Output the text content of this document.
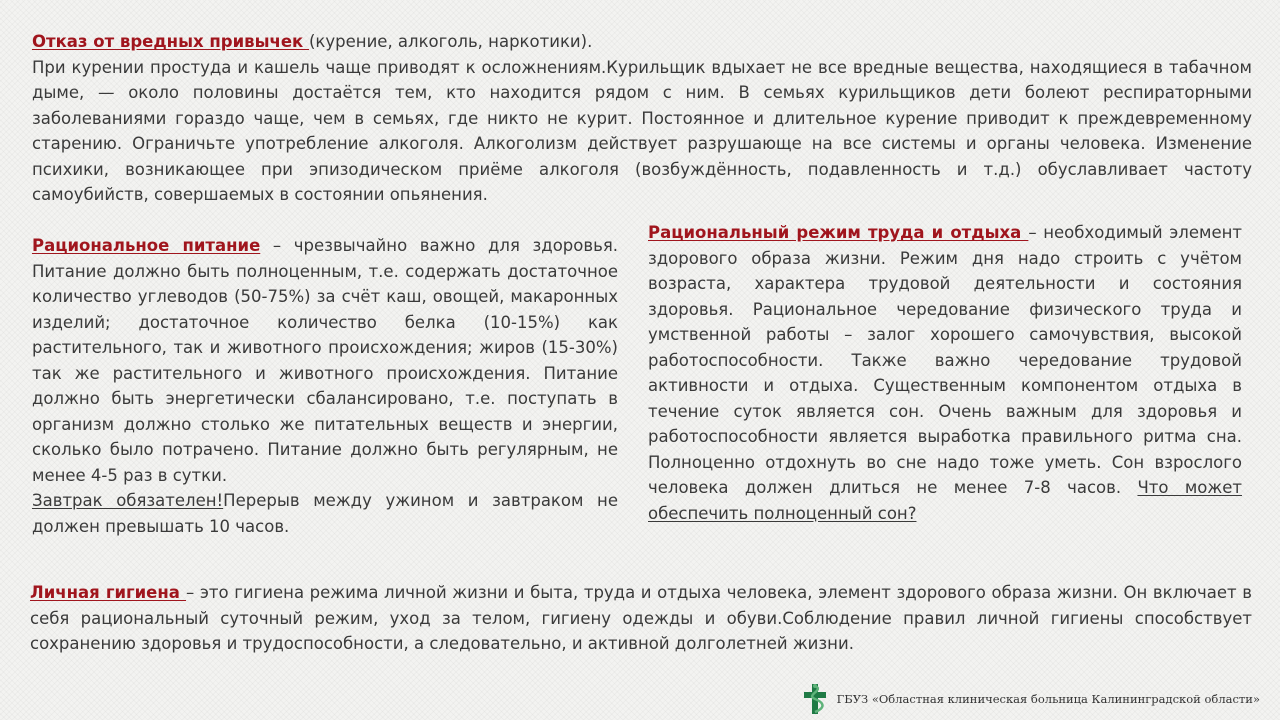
Отказ от вредных привычек (курение, алкоголь, наркотики).
При курении простуда и кашель чаще приводят к осложнениям.Курильщик вдыхает не все вредные вещества, находящиеся в табачном дыме, — около половины достаётся тем, кто находится рядом с ним. В семьях курильщиков дети болеют респираторными заболеваниями гораздо чаще, чем в семьях, где никто не курит. Постоянное и длительное курение приводит к преждевременному старению. Ограничьте употребление алкоголя. Алкоголизм действует разрушающе на все системы и органы человека. Изменение психики, возникающее при эпизодическом приёме алкоголя (возбуждённость, подавленность и т.д.) обуславливает частоту самоубийств, совершаемых в состоянии опьянения.
Рациональное питание – чрезвычайно важно для здоровья. Питание должно быть полноценным, т.е. содержать достаточное количество углеводов (50-75%) за счёт каш, овощей, макаронных изделий; достаточное количество белка (10-15%) как растительного, так и животного происхождения; жиров (15-30%) так же растительного и животного происхождения. Питание должно быть энергетически сбалансировано, т.е. поступать в организм должно столько же питательных веществ и энергии, сколько было потрачено. Питание должно быть регулярным, не менее 4-5 раз в сутки.
Завтрак обязателен!Перерыв между ужином и завтраком не должен превышать 10 часов.
Рациональный режим труда и отдыха – необходимый элемент здорового образа жизни. Режим дня надо строить с учётом возраста, характера трудовой деятельности и состояния здоровья. Рациональное чередование физического труда и умственной работы – залог хорошего самочувствия, высокой работоспособности. Также важно чередование трудовой активности и отдыха. Существенным компонентом отдыха в течение суток является сон. Очень важным для здоровья и работоспособности является выработка правильного ритма сна. Полноценно отдохнуть во сне надо тоже уметь. Сон взрослого человека должен длиться не менее 7-8 часов. Что может обеспечить полноценный сон?
Личная гигиена – это гигиена режима личной жизни и быта, труда и отдыха человека, элемент здорового образа жизни. Он включает в себя рациональный суточный режим, уход за телом, гигиену одежды и обуви.Соблюдение правил личной гигиены способствует сохранению здоровья и трудоспособности, а следовательно, и активной долголетней жизни.
ГБУЗ «Областная клиническая больница Калининградской области»
